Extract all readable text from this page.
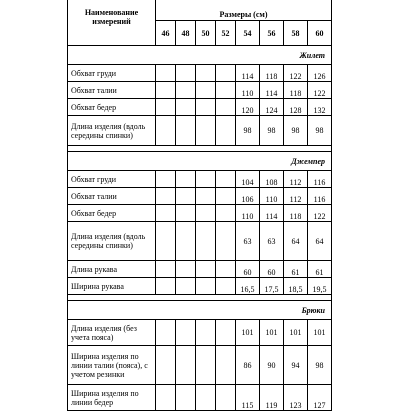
Наименование измерений	Размеры (см)							
	46	48	50	52	54	56	58	60
Жилет								
Обхват груди					114	118	122	126
Обхват талии					110	114	118	122
Обхват бедер					120	124	128	132
Длина изделия (вдоль середины спинки)					98	98	98	98

Джемпер								
Обхват груди					104	108	112	116
Обхват талии					106	110	112	116
Обхват бедер					110	114	118	122
Длина изделия (вдоль середины спинки)					63	63	64	64
Длина рукава					60	60	61	61
Ширина рукава					16,5	17,5	18,5	19,5

Брюки								
Длина изделия (без учета пояса)					101	101	101	101
Ширина изделия по линии талии (пояса), с учетом резинки					86	90	94	98
Ширина изделия по линии бедер					115	119	123	127
